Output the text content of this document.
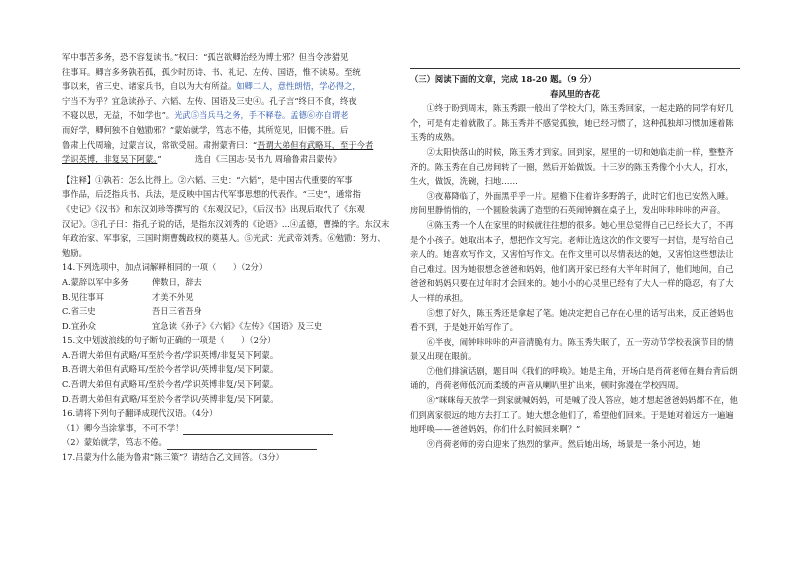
军中事苦多务，恐不容复读书。”权曰：“孤岂欲卿治经为博士邪？但当令涉猎见

往事耳。卿言多务孰若孤，孤少时历诗、书、礼记、左传、国语，惟不读易。至统

事以来，省三史、诸家兵书，自以为大有所益。如卿二人，意性朗悟，学必得之，

宁当不为乎？宜急读孙子、六韬、左传、国语及三史④。孔子言“终日不食，终夜

不寝以思，无益，不如学也”。光武⑤当兵马之务，手不释卷。孟德⑥亦自谓老

而好学，卿何独不自勉勖邪？”蒙始就学，笃志不倦，其所览见，旧儒不胜。后

鲁肃上代周瑜，过蒙言议，常欲受屈。肃拊蒙背曰：“吾谓大弟但有武略耳，至于今者

学识英博，非复吴下阿蒙。”　　　　	选自《三国志·吴书九 周瑜鲁肃吕蒙传》

【注释】①孰若：怎么比得上。②六韬、三史：“六韬”，是中国古代重要的军事

事作品，后泛指兵书、兵法，是反映中国古代军事思想的代表作。“三史”，通常指

《史记》《汉书》和东汉刘珍等撰写的《东观汉记》，《后汉书》出现后取代了《东观

汉记》。③孔子曰：指孔子说的话，是指东汉刘秀的《论语》...④孟德，曹操的字。东汉末年政治家、军事家，三国时期曹魏政权的奠基人。⑤光武：光武帝刘秀。⑥勉勖：努力、勉励。

14.下列选项中，加点词解释相同的一项（　　）（2分）

A.蒙辞以军中多务	俾数日，辞去
B.见往事耳	才美不外见
C.省三史	吾日三省吾身
D.宜孙众	宜急读《孙子》《六韬》《左传》《国语》及三史

15.文中划波浪线的句子断句正确的一项是（　　）（2分）

A.吾谓大弟但有武略/耳至於今者/学识英博/非复吴下阿蒙。

B.吾谓大弟但有武略耳/至於今者学识/英博非复/吴下阿蒙。

C.吾谓大弟但有武略耳/至於今者/学识英博非复/吴下阿蒙。

D.吾谓大弟但有武略/耳至於今者学识/英博非复/吴下阿蒙。

16.请将下列句子翻译成现代汉语。（4分）

（1）卿今当涂掌事，不可不学！

（2）蒙始就学，笃志不倦。

17.吕蒙为什么能为鲁肃“陈三策”？请结合乙文回答。（3分）

（三）阅读下面的文章，完成 18-20 题。（9 分）

春风里的杏花

①终于盼到周末，陈玉秀跟一般出了学校大门，陈玉秀回家，一起走路的同学有好几个，可是有走着就散了。陈玉秀并不感觉孤独，她已经习惯了，这种孤独却习惯加速着陈玉秀的成熟。

②太阳快落山的时候，陈玉秀才到家。回到家，屋里的一切和她临走前一样，整整齐齐的。陈玉秀在自己房间转了一圈，然后开始做饭。十三岁的陈玉秀像个小大人，打水，生火，做饭，洗碗，扫地……

③夜幕降临了，外面黑乎乎一片。屋檐下住着许多野鸽子，此时它们也已安然入睡。房间里静悄悄的，一个圆脸装满了造型的石英闹钟搁在桌子上，发出咔咔咔咔的声音。

④陈玉秀一个人在家里的时候就往往想的很多。她心里总觉得自己已经长大了，不再是个小孩子。她取出本子，想把作文写完。老师让选这次的作文要写一封信，是写给自己亲人的。她喜欢写作文，又害怕写作文。在作文里可以尽情表达的她，又害怕这些想法让自己难过。因为她很想念爸爸和妈妈，他们离开家已经有大半年时间了，他们地间，自己爸爸和妈妈只要在过年时才会回来的。她小小的心灵里已经有了大人一样的隐忍，有了大人一样的承担。

⑤想了好久，陈玉秀还是拿起了笔。她决定把自己存在心里的话写出来，反正爸妈也看不到，于是她开始写作了。

⑥半夜，闹钟咔咔咔的声音清脆有力。陈玉秀失眠了，五一劳动节学校表演节目的情景又出现在眼前。

⑦他们排演话剧，题目叫《我们的呼唤》。她是主角，开场白是肖荷老师在舞台背后朗诵的，肖荷老师低沉而柔缓的声音从喇叭里扩出来，顿时弥漫在学校四周。

⑧“咪咪每天放学一到家就喊妈妈，可是喊了没人答应，她才想起爸爸妈妈都不在，他们到离家很远的地方去打工了。她大想念他们了，希望他们回来。于是她对着远方一遍遍地呼唤——爸爸妈妈，你们什么时候回来啊？”

⑨肖荷老师的旁白迎来了热烈的掌声。然后她出场，场景是一条小河边，她
